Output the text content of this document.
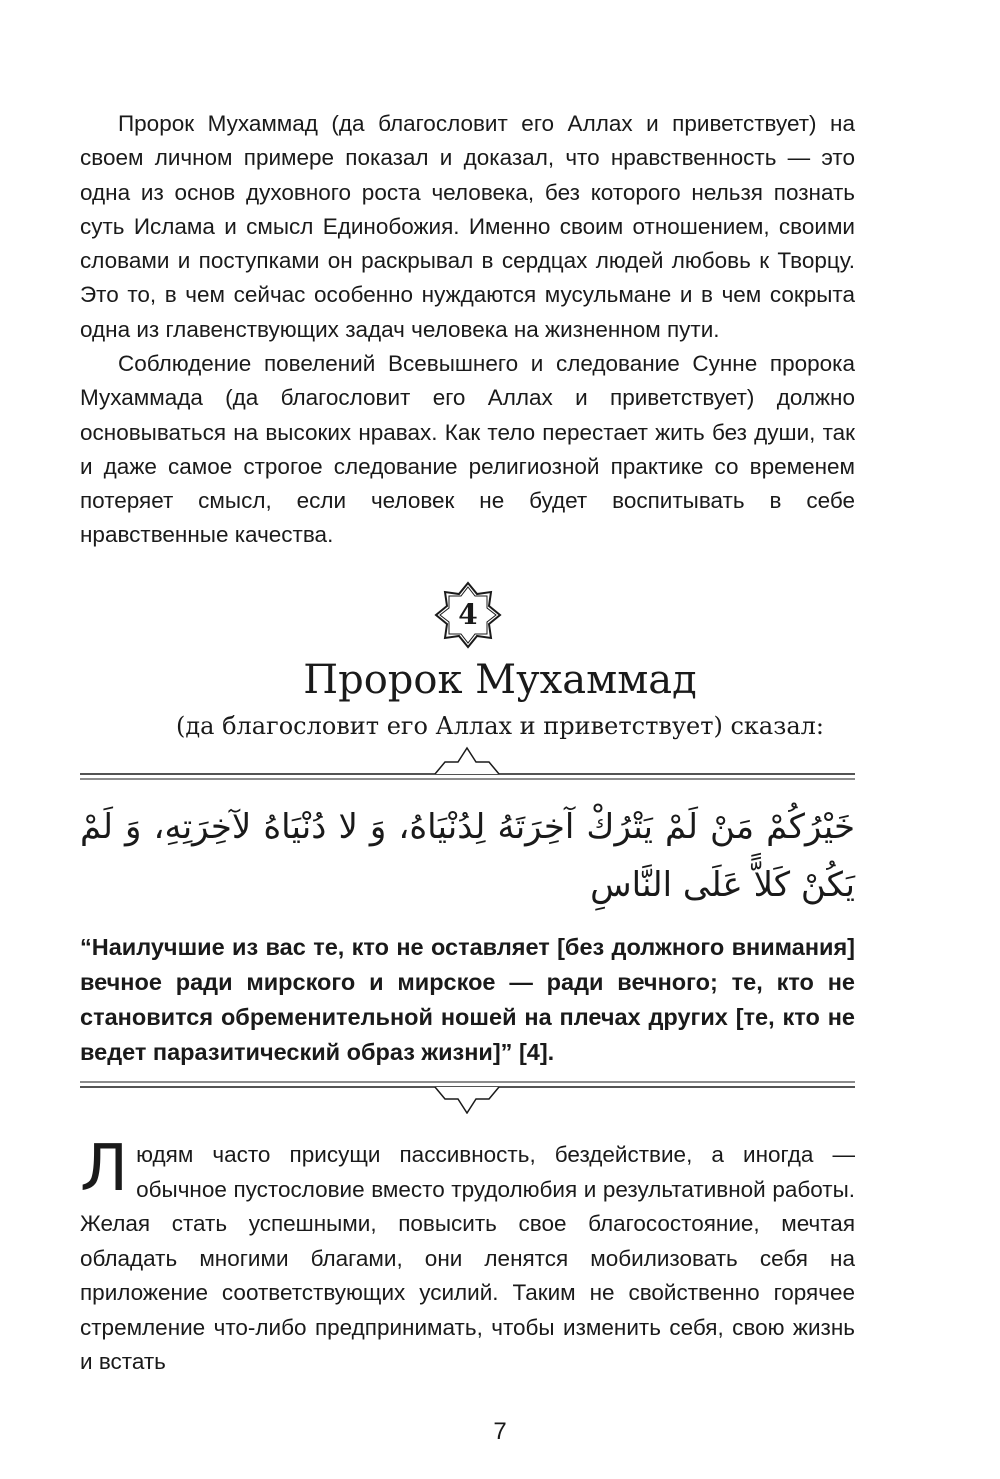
Пророк Мухаммад (да благословит его Аллах и приветствует) на своем личном примере показал и доказал, что нравственность — это одна из основ духовного роста человека, без которого нельзя познать суть Ислама и смысл Единобожия. Именно своим отношением, своими словами и поступками он раскрывал в сердцах людей любовь к Творцу. Это то, в чем сейчас особенно нуждаются мусульмане и в чем сокрыта одна из главенствующих задач человека на жизненном пути.

Соблюдение повелений Всевышнего и следование Сунне пророка Мухаммада (да благословит его Аллах и приветствует) должно основываться на высоких нравах. Как тело перестает жить без души, так и даже самое строгое следование религиозной практике со временем потеряет смысл, если человек не будет воспитывать в себе нравственные качества.

4
Пророк Мухаммад
(да благословит его Аллах и приветствует) сказал:
خَيْرُكُمْ مَنْ لَمْ يَتْرُكْ آخِرَتَهُ لِدُنْيَاهُ، وَ لا دُنْيَاهُ لآخِرَتِهِ، وَ لَمْ يَكُنْ كَلاًّ عَلَى النَّاسِ

“Наилучшие из вас те, кто не оставляет [без должного внимания] вечное ради мирского и мирское — ради вечного; те, кто не становится обременительной ношей на плечах других [те, кто не ведет паразитический образ жизни]” [4].

Людям часто присущи пассивность, бездействие, а иногда — обычное пустословие вместо трудолюбия и результативной работы. Желая стать успешными, повысить свое благосостояние, мечтая обладать многими благами, они ленятся мобилизовать себя на приложение соответствующих усилий. Таким не свойственно горячее стремление что-либо предпринимать, чтобы изменить себя, свою жизнь и встать

7
